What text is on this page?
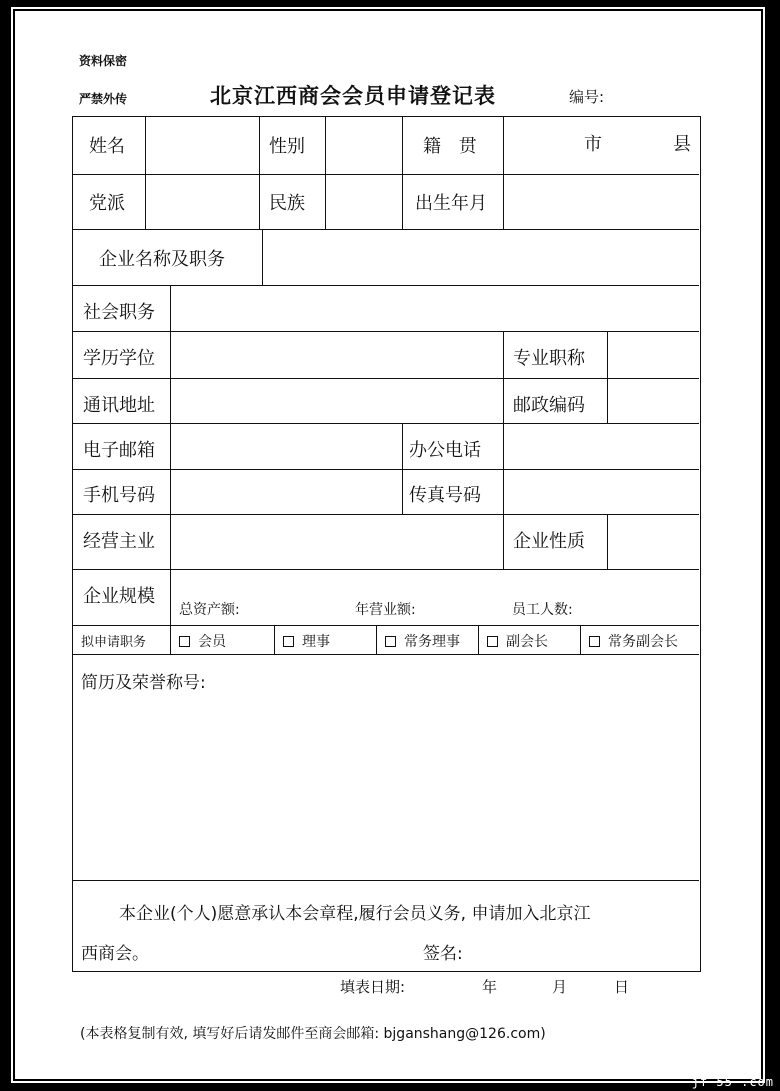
资料保密
严禁外传	北京江西商会会员申请登记表	编号:
姓名	性别	籍 贯	市	县
党派	民族	出生年月
企业名称及职务
社会职务
学历学位	专业职称
通讯地址	邮政编码
电子邮箱	办公电话
手机号码	传真号码
经营主业	企业性质
企业规模
总资产额:	年营业额:	员工人数:
拟申请职务	会员	理事	常务理事	副会长	常务副会长
简历及荣誉称号:
本企业(个人)愿意承认本会章程,履行会员义务, 申请加入北京江
西商会。	签名:
填表日期:	年	月	日
(本表格复制有效, 填写好后请发邮件至商会邮箱: bjganshang@126.com)
jf 55 .com
